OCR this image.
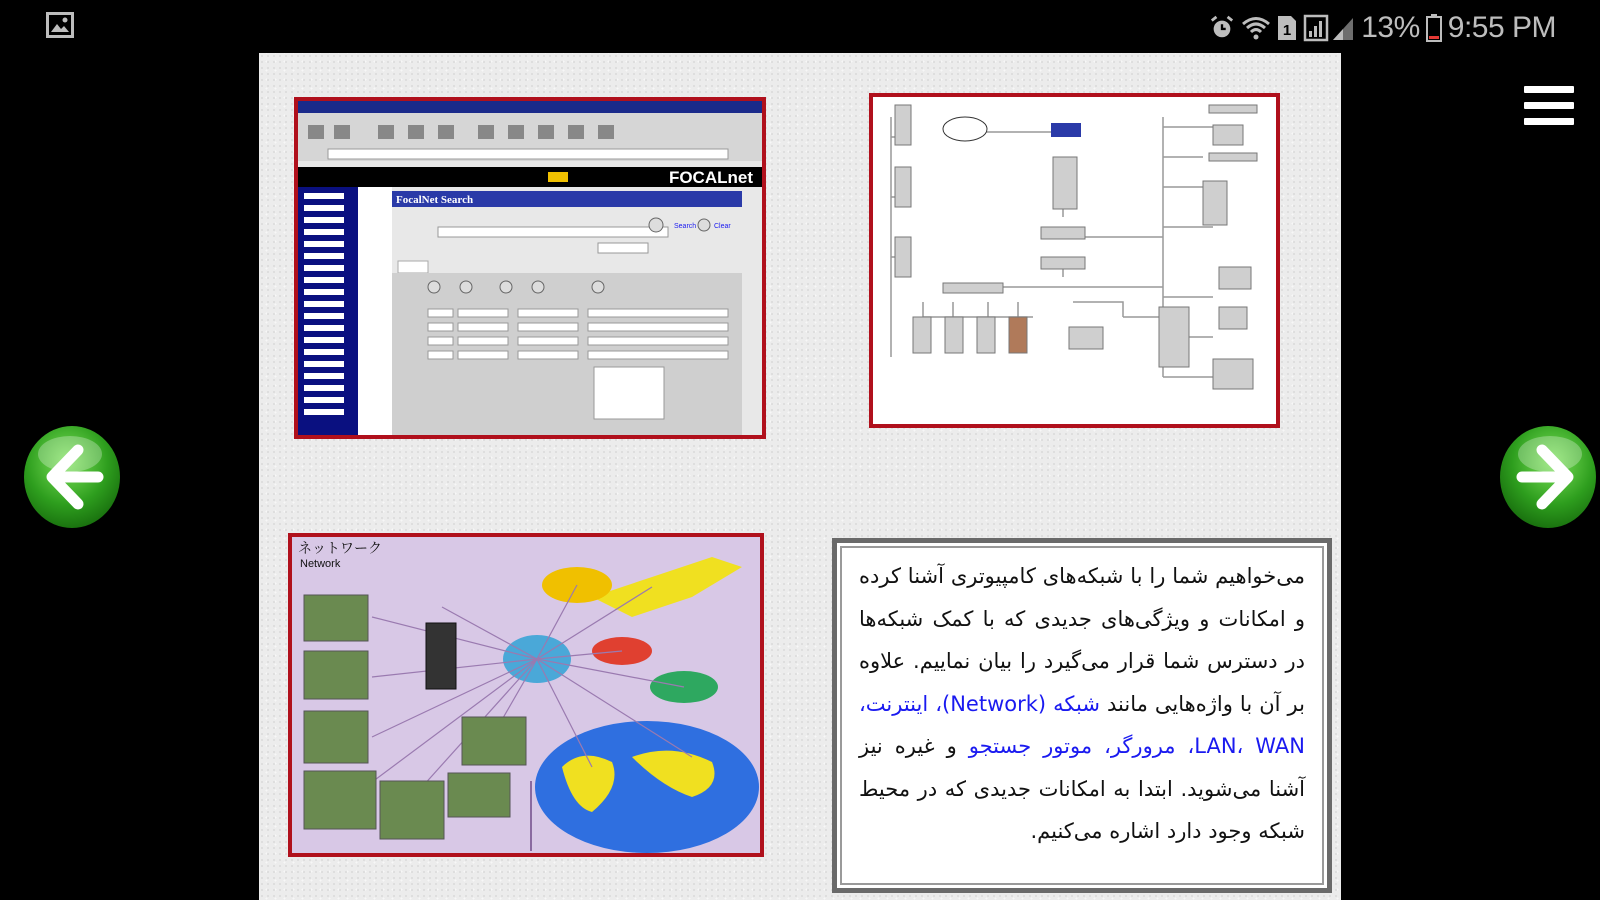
1 13% 9:55 PM
FOCALnet
FocalNet Search
Search	Clear
ネットワーク
Network	می‌خواهیم شما را با شبکه‌های کامپیوتری آشنا کرده و امکانات و ویژگی‌های جدیدی که با کمک شبکه‌ها در دسترس شما قرار می‌گیرد را بیان نماییم. علاوه بر آن با واژه‌هایی مانند شبکه (Network)، اینترنت، LAN، WAN، مرورگر، موتور جستجو و غیره نیز آشنا می‌شوید. ابتدا به امکانات جدیدی که در محیط شبکه وجود دارد اشاره می‌کنیم.
